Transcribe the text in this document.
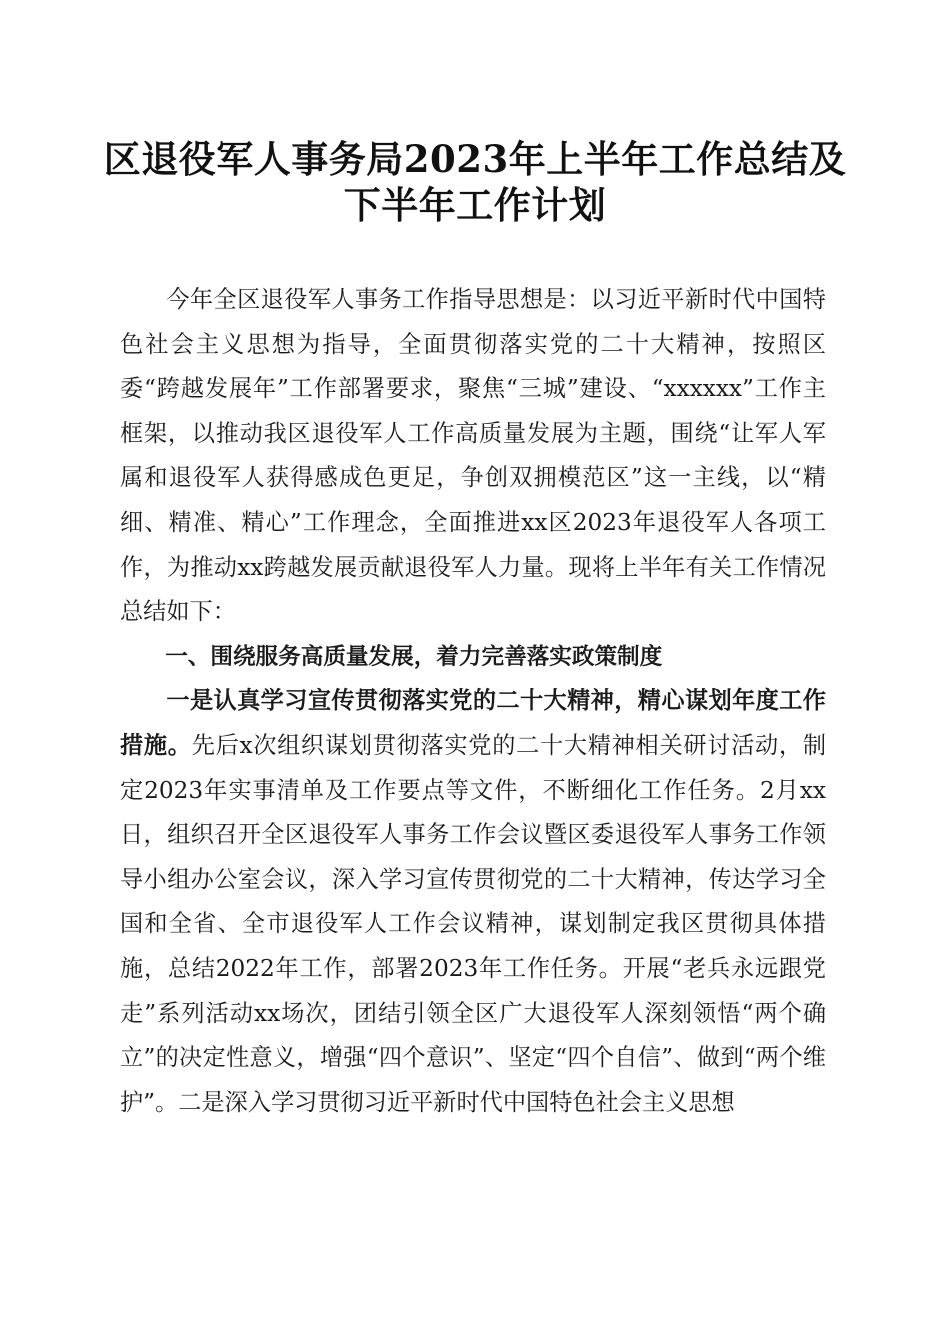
区退役军人事务局2023年上半年工作总结及
下半年工作计划

今年全区退役军人事务工作指导思想是：以习近平新时代中国特色社会主义思想为指导，全面贯彻落实党的二十大精神，按照区委“跨越发展年”工作部署要求，聚焦“三城”建设、“xxxxxx”工作主框架，以推动我区退役军人工作高质量发展为主题，围绕“让军人军属和退役军人获得感成色更足，争创双拥模范区”这一主线，以“精细、精准、精心”工作理念，全面推进xx区2023年退役军人各项工作，为推动xx跨越发展贡献退役军人力量。现将上半年有关工作情况总结如下：

一、围绕服务高质量发展，着力完善落实政策制度

一是认真学习宣传贯彻落实党的二十大精神，精心谋划年度工作措施。先后x次组织谋划贯彻落实党的二十大精神相关研讨活动，制定2023年实事清单及工作要点等文件，不断细化工作任务。2月xx日，组织召开全区退役军人事务工作会议暨区委退役军人事务工作领导小组办公室会议，深入学习宣传贯彻党的二十大精神，传达学习全国和全省、全市退役军人工作会议精神，谋划制定我区贯彻具体措施，总结2022年工作，部署2023年工作任务。开展“老兵永远跟党走”系列活动xx场次，团结引领全区广大退役军人深刻领悟“两个确立”的决定性意义，增强“四个意识”、坚定“四个自信”、做到“两个维护”。二是深入学习贯彻习近平新时代中国特色社会主义思想
